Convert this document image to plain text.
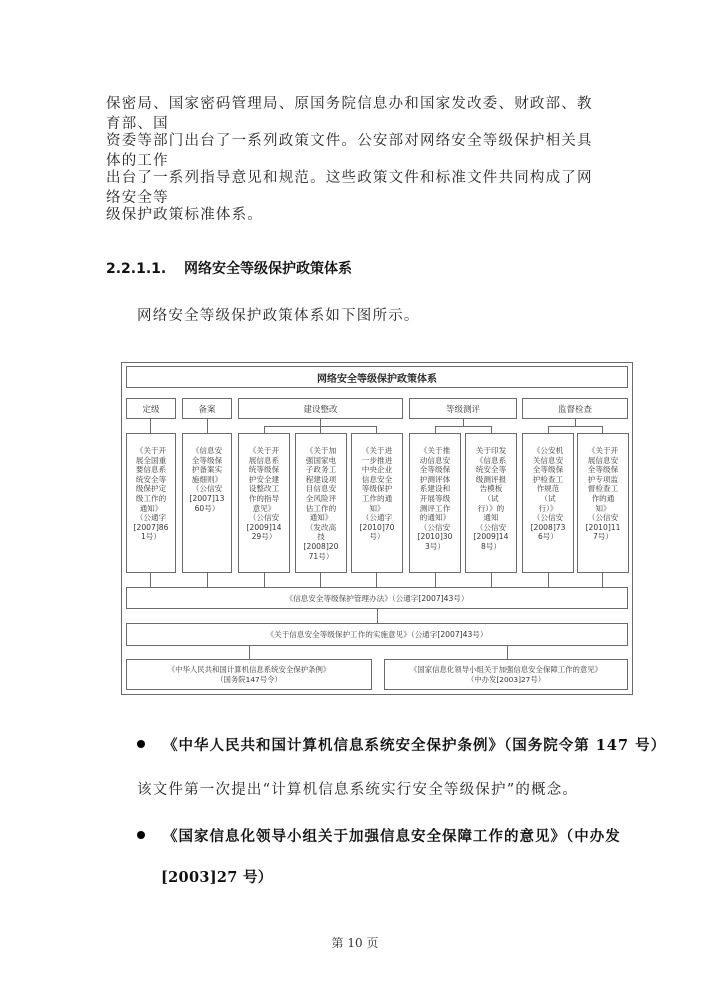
保密局、国家密码管理局、原国务院信息办和国家发改委、财政部、教育部、国

资委等部门出台了一系列政策文件。公安部对网络安全等级保护相关具体的工作

出台了一系列指导意见和规范。这些政策文件和标准文件共同构成了网络安全等

级保护政策标准体系。

2.2.1.1. 网络安全等级保护政策体系

网络安全等级保护政策体系如下图所示。

网络安全等级保护政策体系
定级	备案	建设整改	等级测评	监督检查
《关于开
展全国重
要信息系
统安全等
级保护定
级工作的
通知》
（公通字
[2007]86
1号）
《信息安
全等级保
护备案实
施细则》
（公信安
[2007]13
60号）
《关于开
展信息系
统等级保
护安全建
设整改工
作的指导
意见》
（公信安
[2009]14
29号）
《关于加
强国家电
子政务工
程建设项
目信息安
全风险评
估工作的
通知》
（发改高
技
[2008]20
71号）
《关于进
一步推进
中央企业
信息安全
等级保护
工作的通
知》
（公通字
[2010]70
号）
《关于推
动信息安
全等级保
护测评体
系建设和
开展等级
测评工作
的通知》
（公信安
[2010]30
3号）
关于印发
《信息系
统安全等
级测评报
告模板
（试
行）》的
通知
（公信安
[2009]14
8号）
《公安机
关信息安
全等级保
护检查工
作规范
（试
行）》
（公信安
[2008]73
6号）
《关于开
展信息安
全等级保
护专项监
督检查工
作的通
知》
（公信安
[2010]11
7号）
《信息安全等级保护管理办法》（公通字[2007]43号）
《关于信息安全等级保护工作的实施意见》（公通字[2007]43号）
《中华人民共和国计算机信息系统安全保护条例》
（国务院147号令）
《国家信息化领导小组关于加强信息安全保障工作的意见》
（中办发[2003]27号）

《中华人民共和国计算机信息系统安全保护条例》（国务院令第 147 号）

该文件第一次提出“计算机信息系统实行安全等级保护”的概念。

《国家信息化领导小组关于加强信息安全保障工作的意见》（中办发

[2003]27 号）

第 10 页
